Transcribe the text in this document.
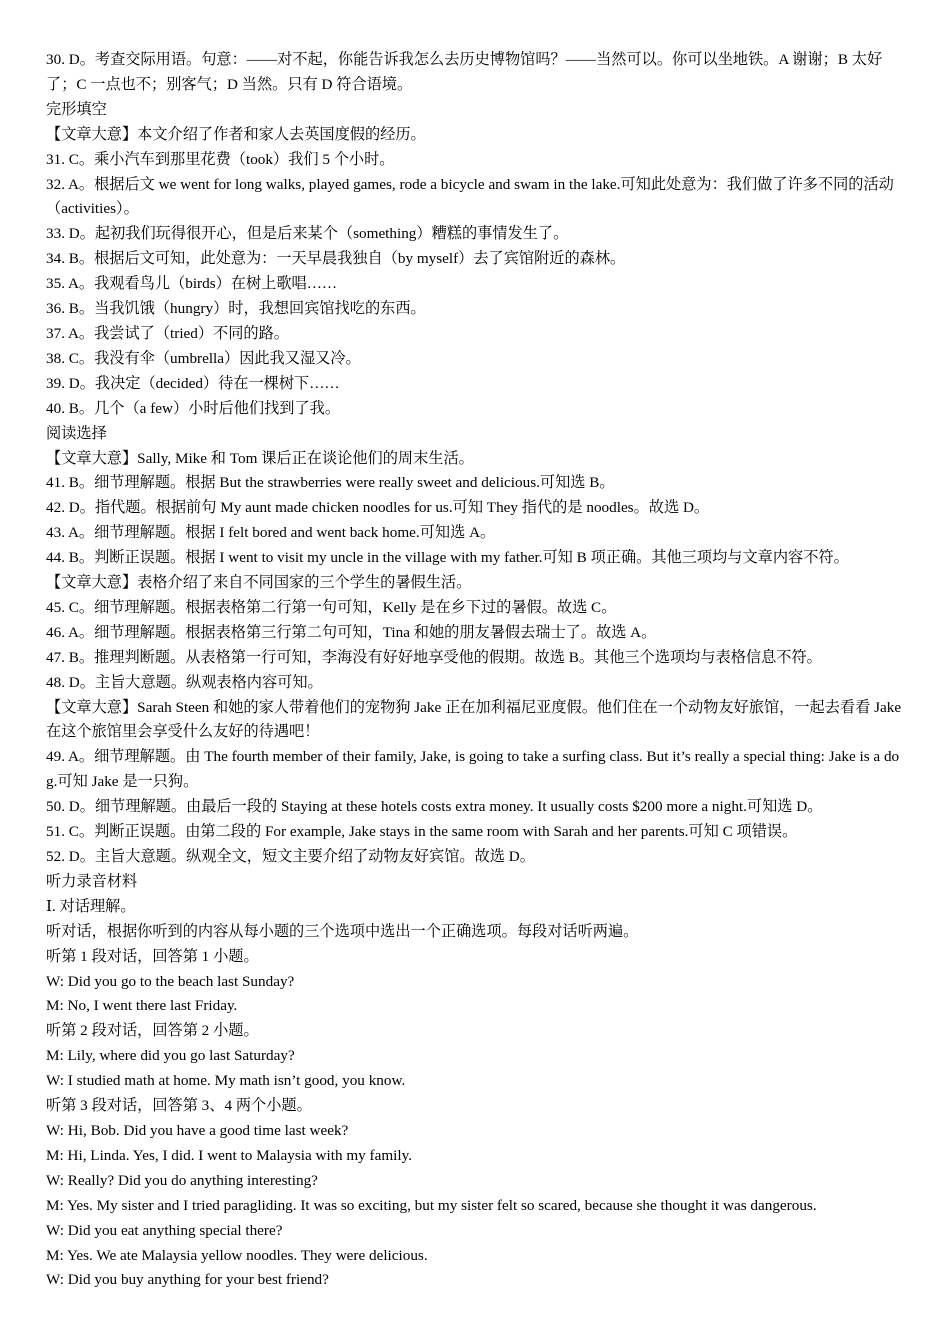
30. D。考查交际用语。句意：——对不起，你能告诉我怎么去历史博物馆吗？——当然可以。你可以坐地铁。A 谢谢；B 太好了；C 一点也不；别客气；D 当然。只有 D 符合语境。

完形填空

【文章大意】本文介绍了作者和家人去英国度假的经历。

31. C。乘小汽车到那里花费（took）我们 5 个小时。

32. A。根据后文 we went for long walks, played games, rode a bicycle and swam in the lake.可知此处意为：我们做了许多不同的活动（activities）。

33. D。起初我们玩得很开心，但是后来某个（something）糟糕的事情发生了。

34. B。根据后文可知，此处意为：一天早晨我独自（by myself）去了宾馆附近的森林。

35. A。我观看鸟儿（birds）在树上歌唱……

36. B。当我饥饿（hungry）时，我想回宾馆找吃的东西。

37. A。我尝试了（tried）不同的路。

38. C。我没有伞（umbrella）因此我又湿又冷。

39. D。我决定（decided）待在一棵树下……

40. B。几个（a few）小时后他们找到了我。

阅读选择

【文章大意】Sally, Mike 和 Tom 课后正在谈论他们的周末生活。

41. B。细节理解题。根据 But the strawberries were really sweet and delicious.可知选 B。

42. D。指代题。根据前句 My aunt made chicken noodles for us.可知 They 指代的是 noodles。故选 D。

43. A。细节理解题。根据 I felt bored and went back home.可知选 A。

44. B。判断正误题。根据 I went to visit my uncle in the village with my father.可知 B 项正确。其他三项均与文章内容不符。

【文章大意】表格介绍了来自不同国家的三个学生的暑假生活。

45. C。细节理解题。根据表格第二行第一句可知，Kelly 是在乡下过的暑假。故选 C。

46. A。细节理解题。根据表格第三行第二句可知，Tina 和她的朋友暑假去瑞士了。故选 A。

47. B。推理判断题。从表格第一行可知，李海没有好好地享受他的假期。故选 B。其他三个选项均与表格信息不符。

48. D。主旨大意题。纵观表格内容可知。

【文章大意】Sarah Steen 和她的家人带着他们的宠物狗 Jake 正在加利福尼亚度假。他们住在一个动物友好旅馆，一起去看看 Jake 在这个旅馆里会享受什么友好的待遇吧！

49. A。细节理解题。由 The fourth member of their family, Jake, is going to take a surfing class. But it’s really a special thing: Jake is a dog.可知 Jake 是一只狗。

50. D。细节理解题。由最后一段的 Staying at these hotels costs extra money. It usually costs $200 more a night.可知选 D。

51. C。判断正误题。由第二段的 For example, Jake stays in the same room with Sarah and her parents.可知 C 项错误。

52. D。主旨大意题。纵观全文，短文主要介绍了动物友好宾馆。故选 D。

听力录音材料

Ⅰ. 对话理解。

听对话，根据你听到的内容从每小题的三个选项中选出一个正确选项。每段对话听两遍。

听第 1 段对话，回答第 1 小题。

W: Did you go to the beach last Sunday?

M: No, I went there last Friday.

听第 2 段对话，回答第 2 小题。

M: Lily, where did you go last Saturday?

W: I studied math at home. My math isn’t good, you know.

听第 3 段对话，回答第 3、4 两个小题。

W: Hi, Bob. Did you have a good time last week?

M: Hi, Linda. Yes, I did. I went to Malaysia with my family.

W: Really? Did you do anything interesting?

M: Yes. My sister and I tried paragliding. It was so exciting, but my sister felt so scared, because she thought it was dangerous.

W: Did you eat anything special there?

M: Yes. We ate Malaysia yellow noodles. They were delicious.

W: Did you buy anything for your best friend?
